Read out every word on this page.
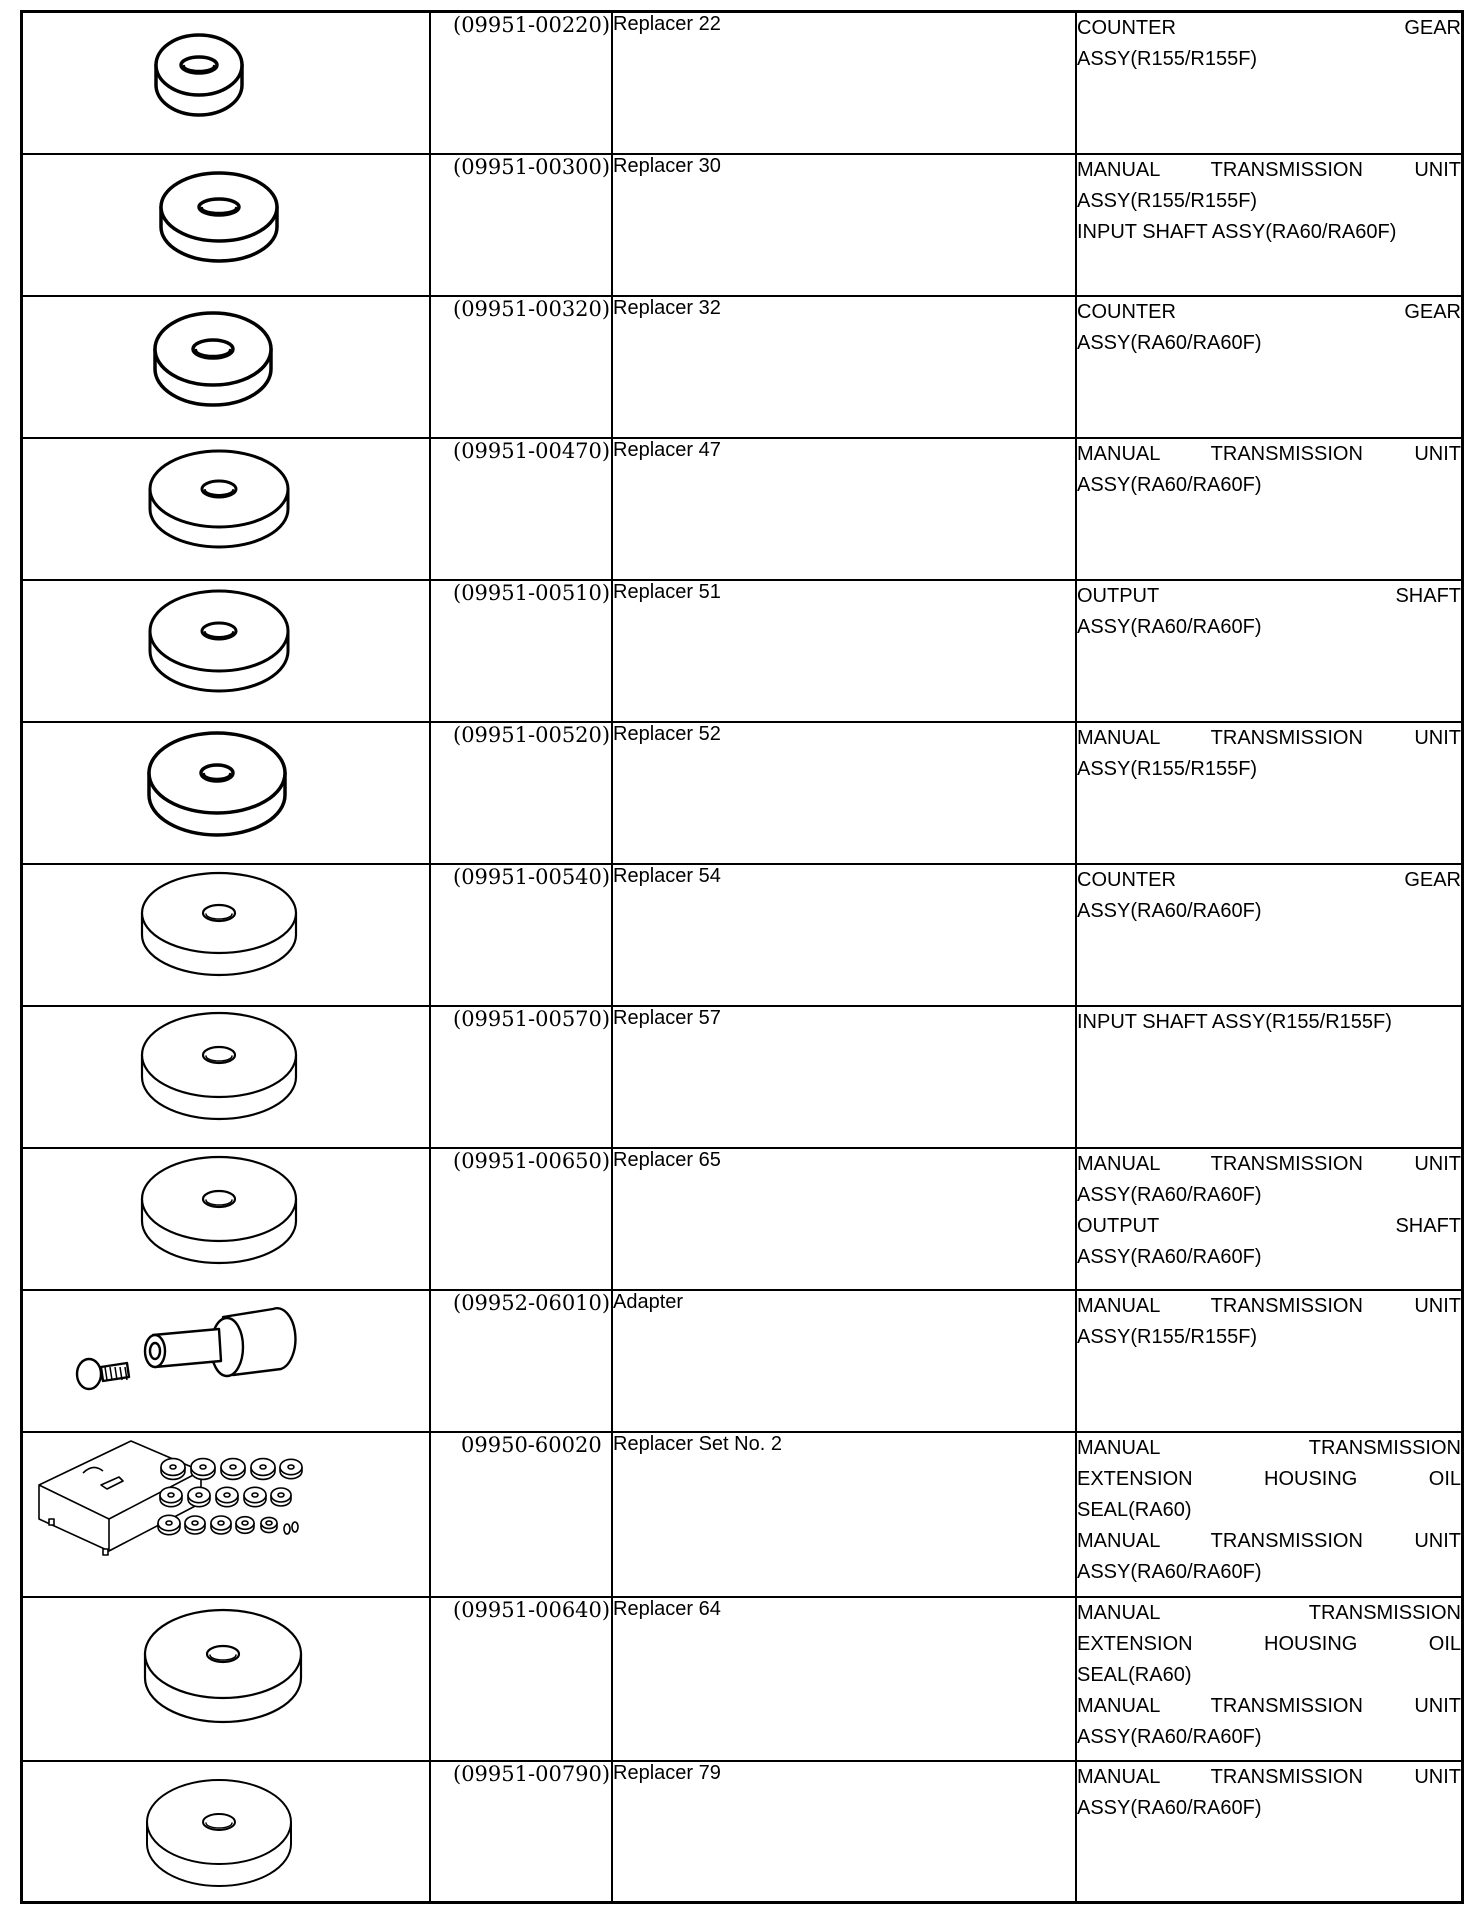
	(09951-00220)	Replacer 22	COUNTER GEAR
ASSY(R155/R155F)

	(09951-00300)	Replacer 30	MANUAL TRANSMISSION UNIT
ASSY(R155/R155F)
INPUT SHAFT ASSY(RA60/RA60F)

	(09951-00320)	Replacer 32	COUNTER GEAR
ASSY(RA60/RA60F)

	(09951-00470)	Replacer 47	MANUAL TRANSMISSION UNIT
ASSY(RA60/RA60F)

	(09951-00510)	Replacer 51	OUTPUT SHAFT
ASSY(RA60/RA60F)

	(09951-00520)	Replacer 52	MANUAL TRANSMISSION UNIT
ASSY(R155/R155F)

	(09951-00540)	Replacer 54	COUNTER GEAR
ASSY(RA60/RA60F)

	(09951-00570)	Replacer 57	INPUT SHAFT ASSY(R155/R155F)

	(09951-00650)	Replacer 65	MANUAL TRANSMISSION UNIT
ASSY(RA60/RA60F)
OUTPUT SHAFT
ASSY(RA60/RA60F)

	(09952-06010)	Adapter	MANUAL TRANSMISSION UNIT
ASSY(R155/R155F)

	09950-60020	Replacer Set No. 2	MANUAL TRANSMISSION
EXTENSION HOUSING OIL
SEAL(RA60)
MANUAL TRANSMISSION UNIT
ASSY(RA60/RA60F)

	(09951-00640)	Replacer 64	MANUAL TRANSMISSION
EXTENSION HOUSING OIL
SEAL(RA60)
MANUAL TRANSMISSION UNIT
ASSY(RA60/RA60F)

	(09951-00790)	Replacer 79	MANUAL TRANSMISSION UNIT
ASSY(RA60/RA60F)
